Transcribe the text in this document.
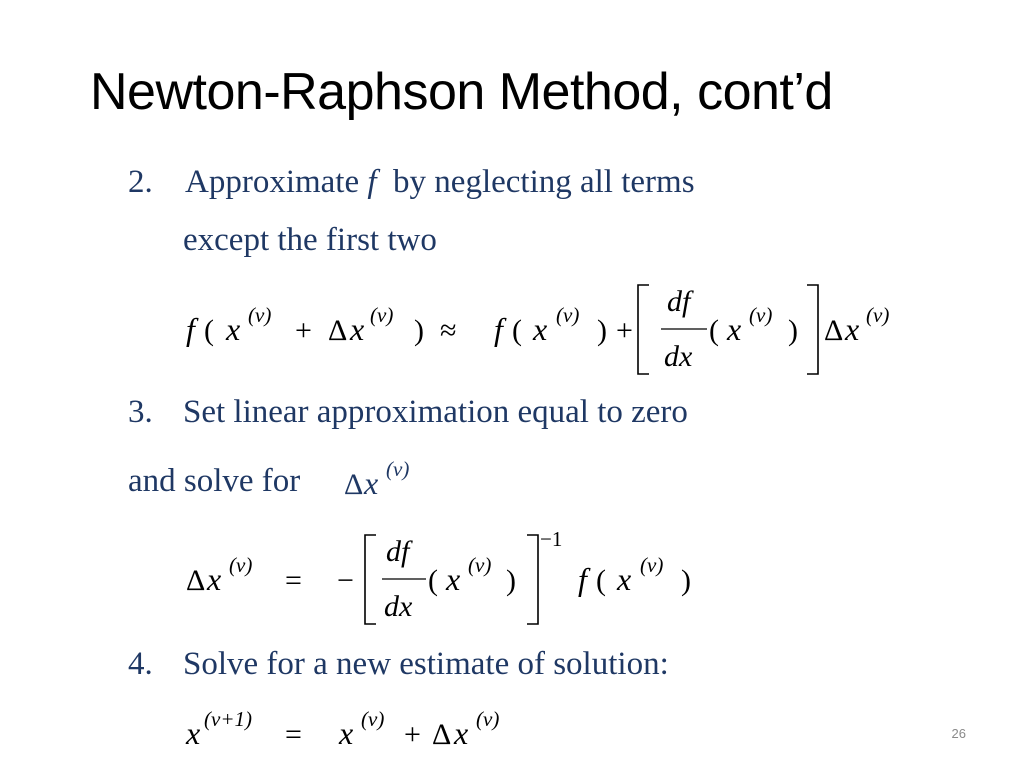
Newton-Raphson Method, cont’d
2. Approximate f by neglecting all terms
except the first two
f ( x (v) + Δ x (v) ) ≈ f ( x (v) ) +
df
dx
( x (v) ) Δ x (v)
3. Set linear approximation equal to zero
and solve for Δ x (v)
Δ x (v) = −
df
dx
( x (v) )
−1
f ( x (v) )
4. Solve for a new estimate of solution:
x (v+1) = x (v) + Δ x (v)
26
